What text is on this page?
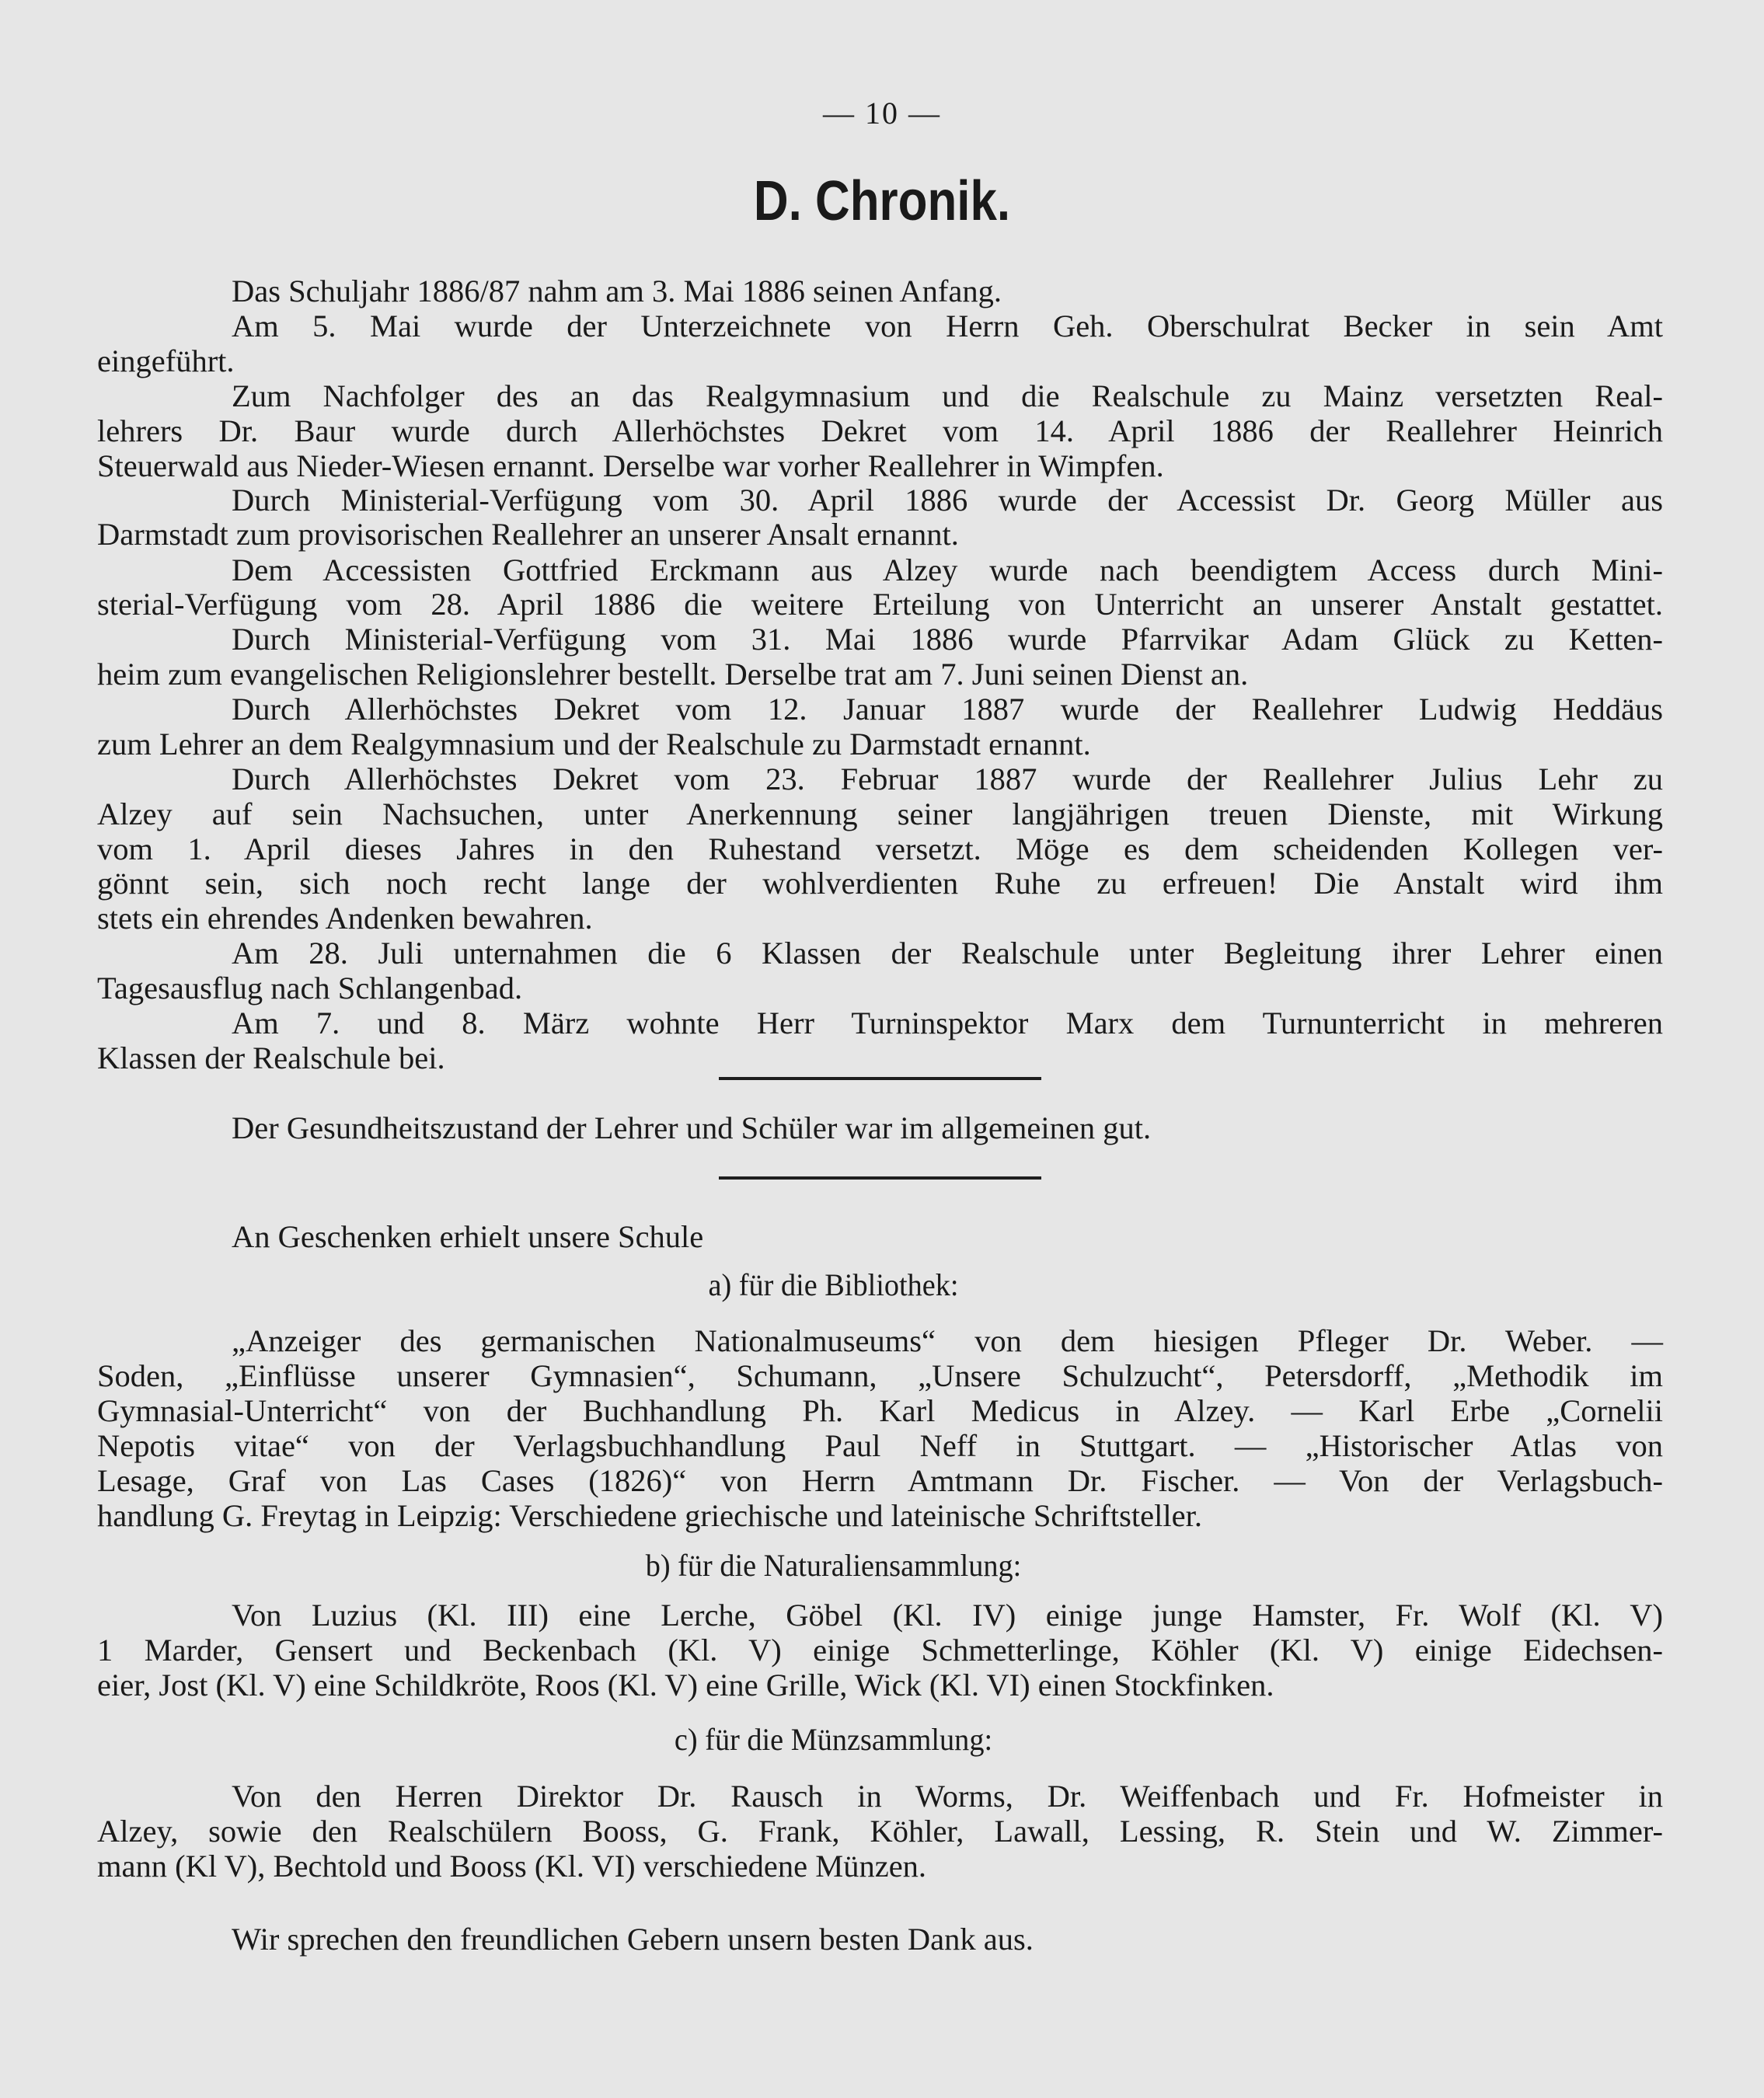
— 10 —
D. Chronik.
Das Schuljahr 1886/87 nahm am 3. Mai 1886 seinen Anfang.
Am 5. Mai wurde der Unterzeichnete von Herrn Geh. Oberschulrat Becker in sein Amt
eingeführt.
Zum Nachfolger des an das Realgymnasium und die Realschule zu Mainz versetzten Real-
lehrers Dr. Baur wurde durch Allerhöchstes Dekret vom 14. April 1886 der Reallehrer Heinrich
Steuerwald aus Nieder-Wiesen ernannt. Derselbe war vorher Reallehrer in Wimpfen.
Durch Ministerial-Verfügung vom 30. April 1886 wurde der Accessist Dr. Georg Müller aus
Darmstadt zum provisorischen Reallehrer an unserer Ansalt ernannt.
Dem Accessisten Gottfried Erckmann aus Alzey wurde nach beendigtem Access durch Mini-
sterial-Verfügung vom 28. April 1886 die weitere Erteilung von Unterricht an unserer Anstalt gestattet.
Durch Ministerial-Verfügung vom 31. Mai 1886 wurde Pfarrvikar Adam Glück zu Ketten-
heim zum evangelischen Religionslehrer bestellt. Derselbe trat am 7. Juni seinen Dienst an.
Durch Allerhöchstes Dekret vom 12. Januar 1887 wurde der Reallehrer Ludwig Heddäus
zum Lehrer an dem Realgymnasium und der Realschule zu Darmstadt ernannt.
Durch Allerhöchstes Dekret vom 23. Februar 1887 wurde der Reallehrer Julius Lehr zu
Alzey auf sein Nachsuchen, unter Anerkennung seiner langjährigen treuen Dienste, mit Wirkung
vom 1. April dieses Jahres in den Ruhestand versetzt. Möge es dem scheidenden Kollegen ver-
gönnt sein, sich noch recht lange der wohlverdienten Ruhe zu erfreuen! Die Anstalt wird ihm
stets ein ehrendes Andenken bewahren.
Am 28. Juli unternahmen die 6 Klassen der Realschule unter Begleitung ihrer Lehrer einen
Tagesausflug nach Schlangenbad.
Am 7. und 8. März wohnte Herr Turninspektor Marx dem Turnunterricht in mehreren
Klassen der Realschule bei.
Der Gesundheitszustand der Lehrer und Schüler war im allgemeinen gut.
An Geschenken erhielt unsere Schule
a) für die Bibliothek:
„Anzeiger des germanischen Nationalmuseums“ von dem hiesigen Pfleger Dr. Weber. —
Soden, „Einflüsse unserer Gymnasien“, Schumann, „Unsere Schulzucht“, Petersdorff, „Methodik im
Gymnasial-Unterricht“ von der Buchhandlung Ph. Karl Medicus in Alzey. — Karl Erbe „Cornelii
Nepotis vitae“ von der Verlagsbuchhandlung Paul Neff in Stuttgart. — „Historischer Atlas von
Lesage, Graf von Las Cases (1826)“ von Herrn Amtmann Dr. Fischer. — Von der Verlagsbuch-
handlung G. Freytag in Leipzig: Verschiedene griechische und lateinische Schriftsteller.
b) für die Naturaliensammlung:
Von Luzius (Kl. III) eine Lerche, Göbel (Kl. IV) einige junge Hamster, Fr. Wolf (Kl. V)
1 Marder, Gensert und Beckenbach (Kl. V) einige Schmetterlinge, Köhler (Kl. V) einige Eidechsen-
eier, Jost (Kl. V) eine Schildkröte, Roos (Kl. V) eine Grille, Wick (Kl. VI) einen Stockfinken.
c) für die Münzsammlung:
Von den Herren Direktor Dr. Rausch in Worms, Dr. Weiffenbach und Fr. Hofmeister in
Alzey, sowie den Realschülern Booss, G. Frank, Köhler, Lawall, Lessing, R. Stein und W. Zimmer-
mann (Kl V), Bechtold und Booss (Kl. VI) verschiedene Münzen.
Wir sprechen den freundlichen Gebern unsern besten Dank aus.
